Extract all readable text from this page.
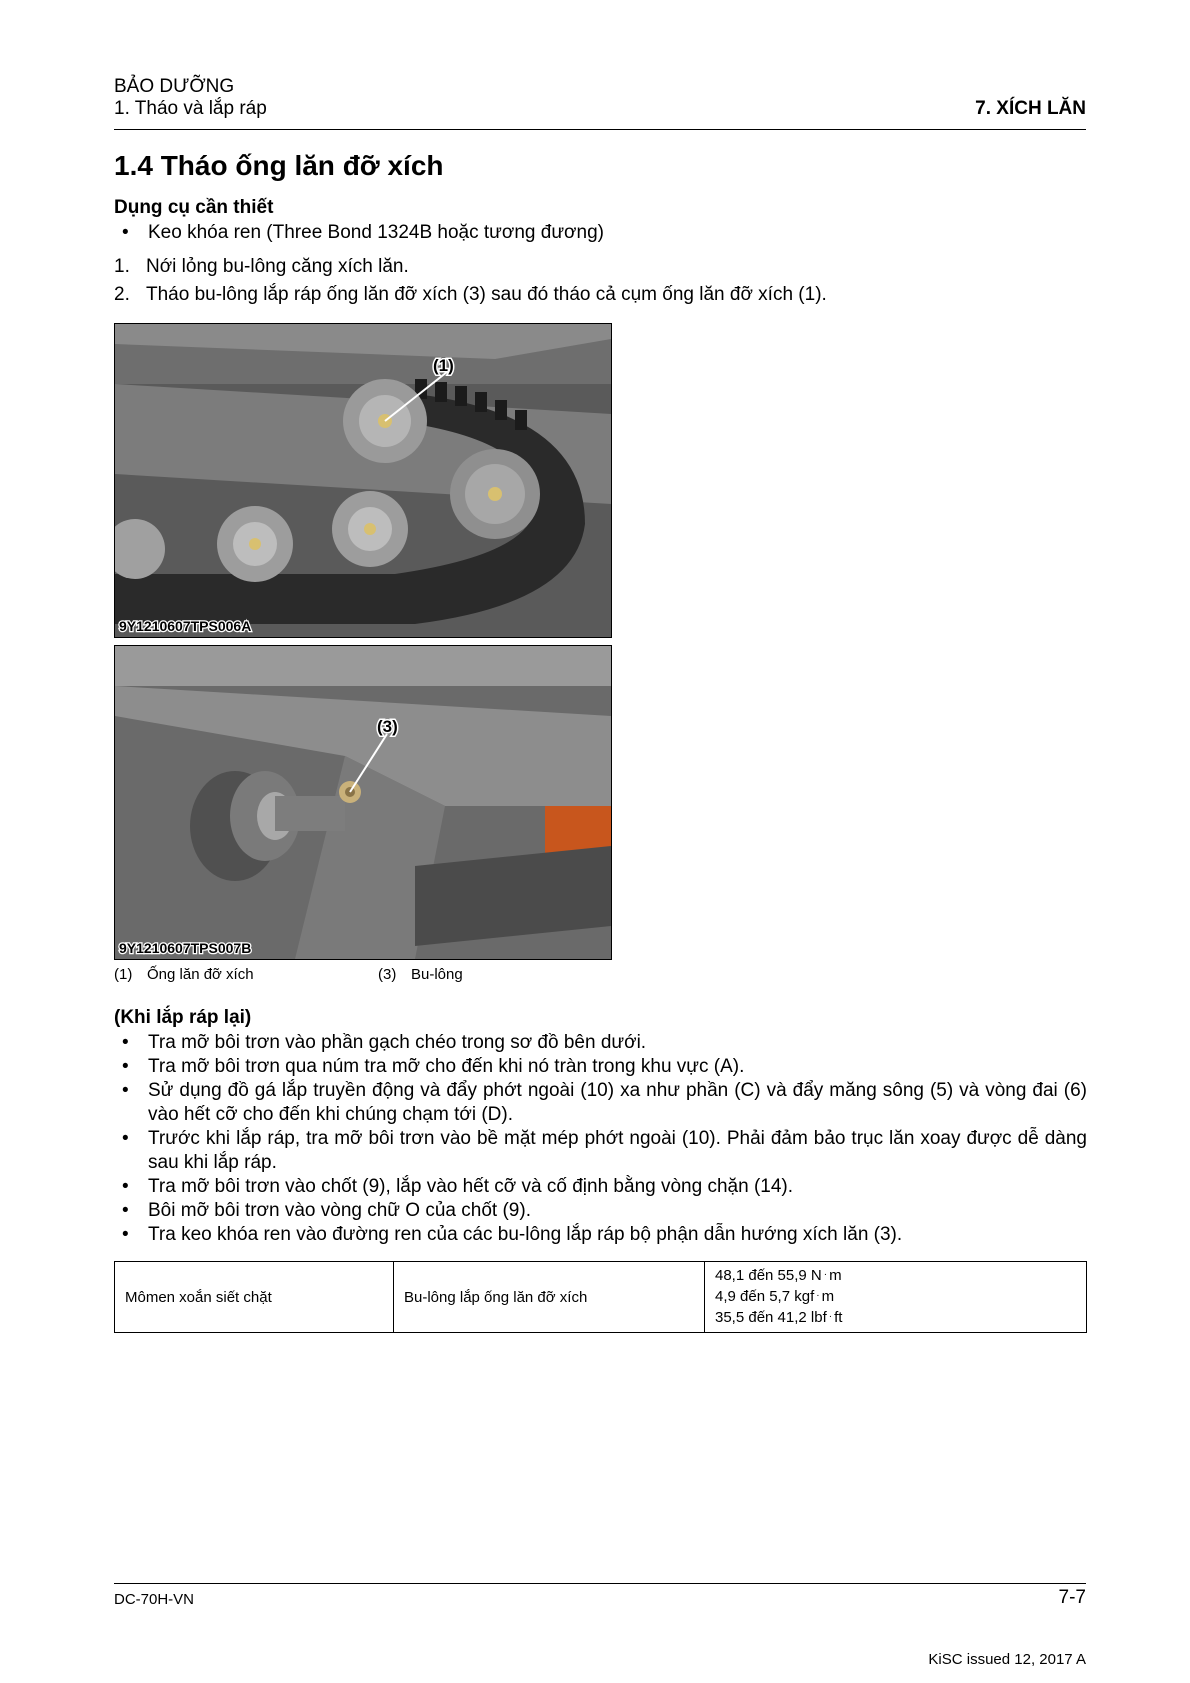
BẢO DƯỠNG
1. Tháo và lắp ráp	7. XÍCH LĂN
1.4 Tháo ống lăn đỡ xích
Dụng cụ cần thiết
• Keo khóa ren (Three Bond 1324B hoặc tương đương)
1. Nới lỏng bu-lông căng xích lăn.
2. Tháo bu-lông lắp ráp ống lăn đỡ xích (3) sau đó tháo cả cụm ống lăn đỡ xích (1).
(1)
9Y1210607TPS006A
(3)
9Y1210607TPS007B
(1) Ống lăn đỡ xích	(3) Bu-lông
(Khi lắp ráp lại)
• Tra mỡ bôi trơn vào phần gạch chéo trong sơ đồ bên dưới.
• Tra mỡ bôi trơn qua núm tra mỡ cho đến khi nó tràn trong khu vực (A).
• Sử dụng đồ gá lắp truyền động và đẩy phớt ngoài (10) xa như phần (C) và đẩy măng sông (5) và vòng đai (6) vào hết cỡ cho đến khi chúng chạm tới (D).
• Trước khi lắp ráp, tra mỡ bôi trơn vào bề mặt mép phớt ngoài (10). Phải đảm bảo trục lăn xoay được dễ dàng sau khi lắp ráp.
• Tra mỡ bôi trơn vào chốt (9), lắp vào hết cỡ và cố định bằng vòng chặn (14).
• Bôi mỡ bôi trơn vào vòng chữ O của chốt (9).
• Tra keo khóa ren vào đường ren của các bu-lông lắp ráp bộ phận dẫn hướng xích lăn (3).
Mômen xoắn siết chặt	Bu-lông lắp ống lăn đỡ xích	
48,1 đến 55,9 N · m
4,9 đến 5,7 kgf · m
35,5 đến 41,2 lbf · ft
DC-70H-VN	7-7
KiSC issued 12, 2017 A
